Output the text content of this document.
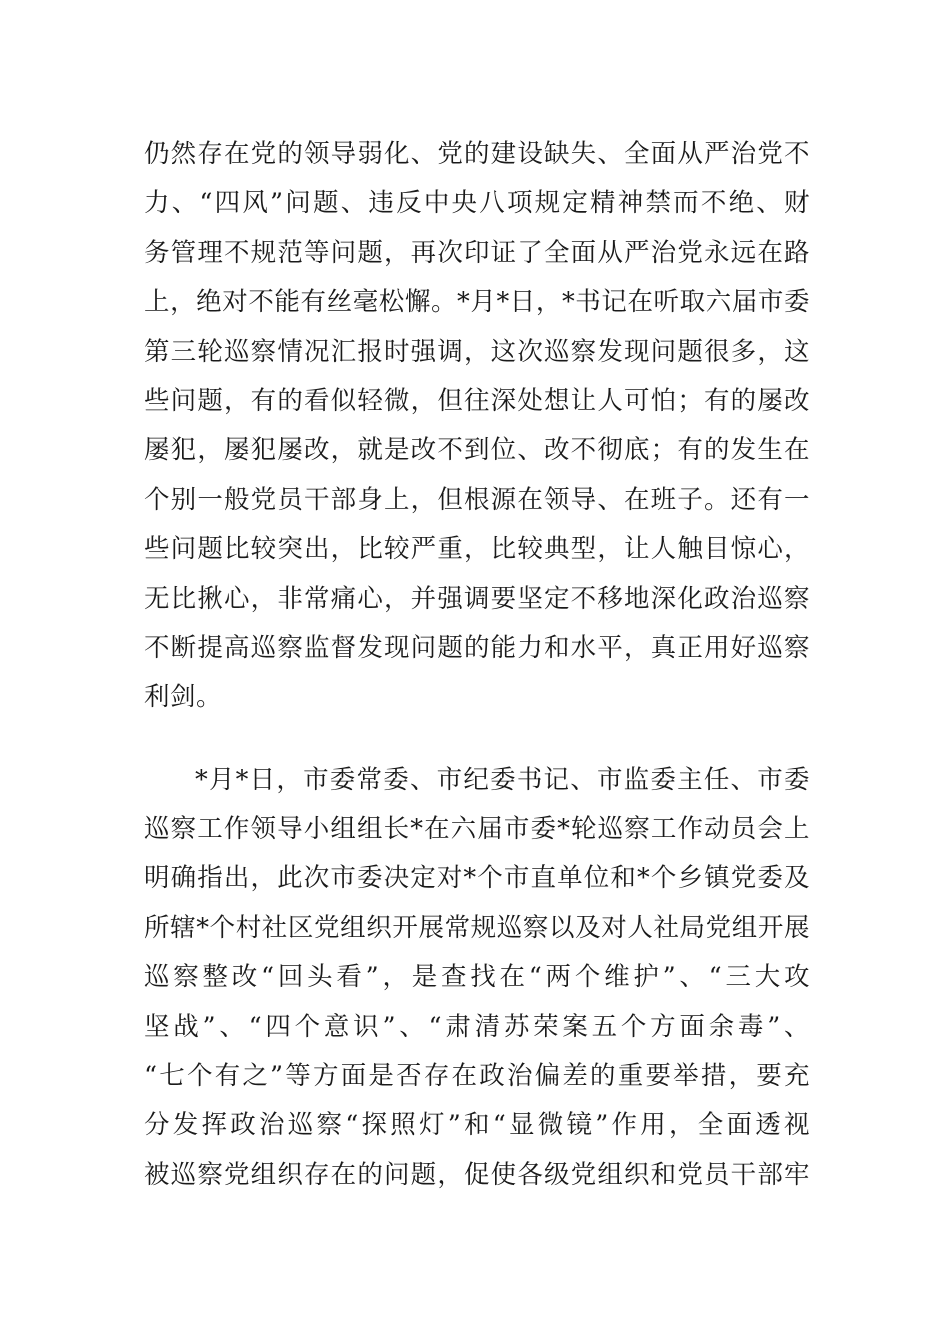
仍然存在党的领导弱化、党的建设缺失、全面从严治党不
力、“四风”问题、违反中央八项规定精神禁而不绝、财
务管理不规范等问题，再次印证了全面从严治党永远在路
上，绝对不能有丝毫松懈。*月*日，*书记在听取六届市委
第三轮巡察情况汇报时强调，这次巡察发现问题很多，这
些问题，有的看似轻微，但往深处想让人可怕；有的屡改
屡犯，屡犯屡改，就是改不到位、改不彻底；有的发生在
个别一般党员干部身上，但根源在领导、在班子。还有一
些问题比较突出，比较严重，比较典型，让人触目惊心，
无比揪心，非常痛心，并强调要坚定不移地深化政治巡察
不断提高巡察监督发现问题的能力和水平，真正用好巡察
利剑。
*月*日，市委常委、市纪委书记、市监委主任、市委
巡察工作领导小组组长*在六届市委*轮巡察工作动员会上
明确指出，此次市委决定对*个市直单位和*个乡镇党委及
所辖*个村社区党组织开展常规巡察以及对人社局党组开展
巡察整改“回头看”，是查找在“两个维护”、“三大攻
坚战”、“四个意识”、“肃清苏荣案五个方面余毒”、
“七个有之”等方面是否存在政治偏差的重要举措，要充
分发挥政治巡察“探照灯”和“显微镜”作用，全面透视
被巡察党组织存在的问题，促使各级党组织和党员干部牢
